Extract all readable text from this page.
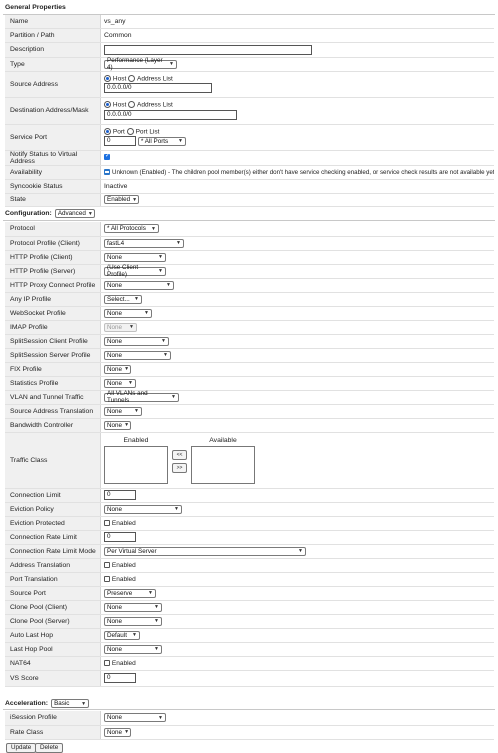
General Properties
Name	vs_any
Partition / Path	Common
Description	
Type	Performance (Layer 4) ▼

Source Address	Host Address List
0.0.0.0/0
Destination Address/Mask	Host Address List
0.0.0.0/0
Service Port	Port Port List
0 * All Ports ▼

Notify Status to Virtual Address	✓
Availability	Unknown (Enabled) - The children pool member(s) either don't have service checking enabled, or service check results are not available yet
Syncookie Status	Inactive
State	Enabled ▼
Configuration: Advanced ▼
Protocol	* All Protocols ▼

Protocol Profile (Client)	fastL4 ▼

HTTP Profile (Client)	None ▼

HTTP Profile (Server)	(Use Client Profile) ▼

HTTP Proxy Connect Profile	None ▼

Any IP Profile	Select... ▼

WebSocket Profile	None ▼

IMAP Profile	None ▼

SplitSession Client Profile	None ▼

SplitSession Server Profile	None ▼

FIX Profile	None ▼

Statistics Profile	None ▼

VLAN and Tunnel Traffic	All VLANs and Tunnels ▼

Source Address Translation	None ▼

Bandwidth Controller	None ▼

Traffic Class	Enabled
<<
>>
Available

Connection Limit	0
Eviction Policy	None ▼

Eviction Protected	Enabled
Connection Rate Limit	0
Connection Rate Limit Mode	Per Virtual Server ▼

Address Translation	Enabled
Port Translation	Enabled
Source Port	Preserve ▼

Clone Pool (Client)	None ▼

Clone Pool (Server)	None ▼

Auto Last Hop	Default ▼

Last Hop Pool	None ▼

NAT64	Enabled
VS Score	0
Acceleration: Basic ▼
iSession Profile	None ▼

Rate Class	None ▼
Update	Delete
